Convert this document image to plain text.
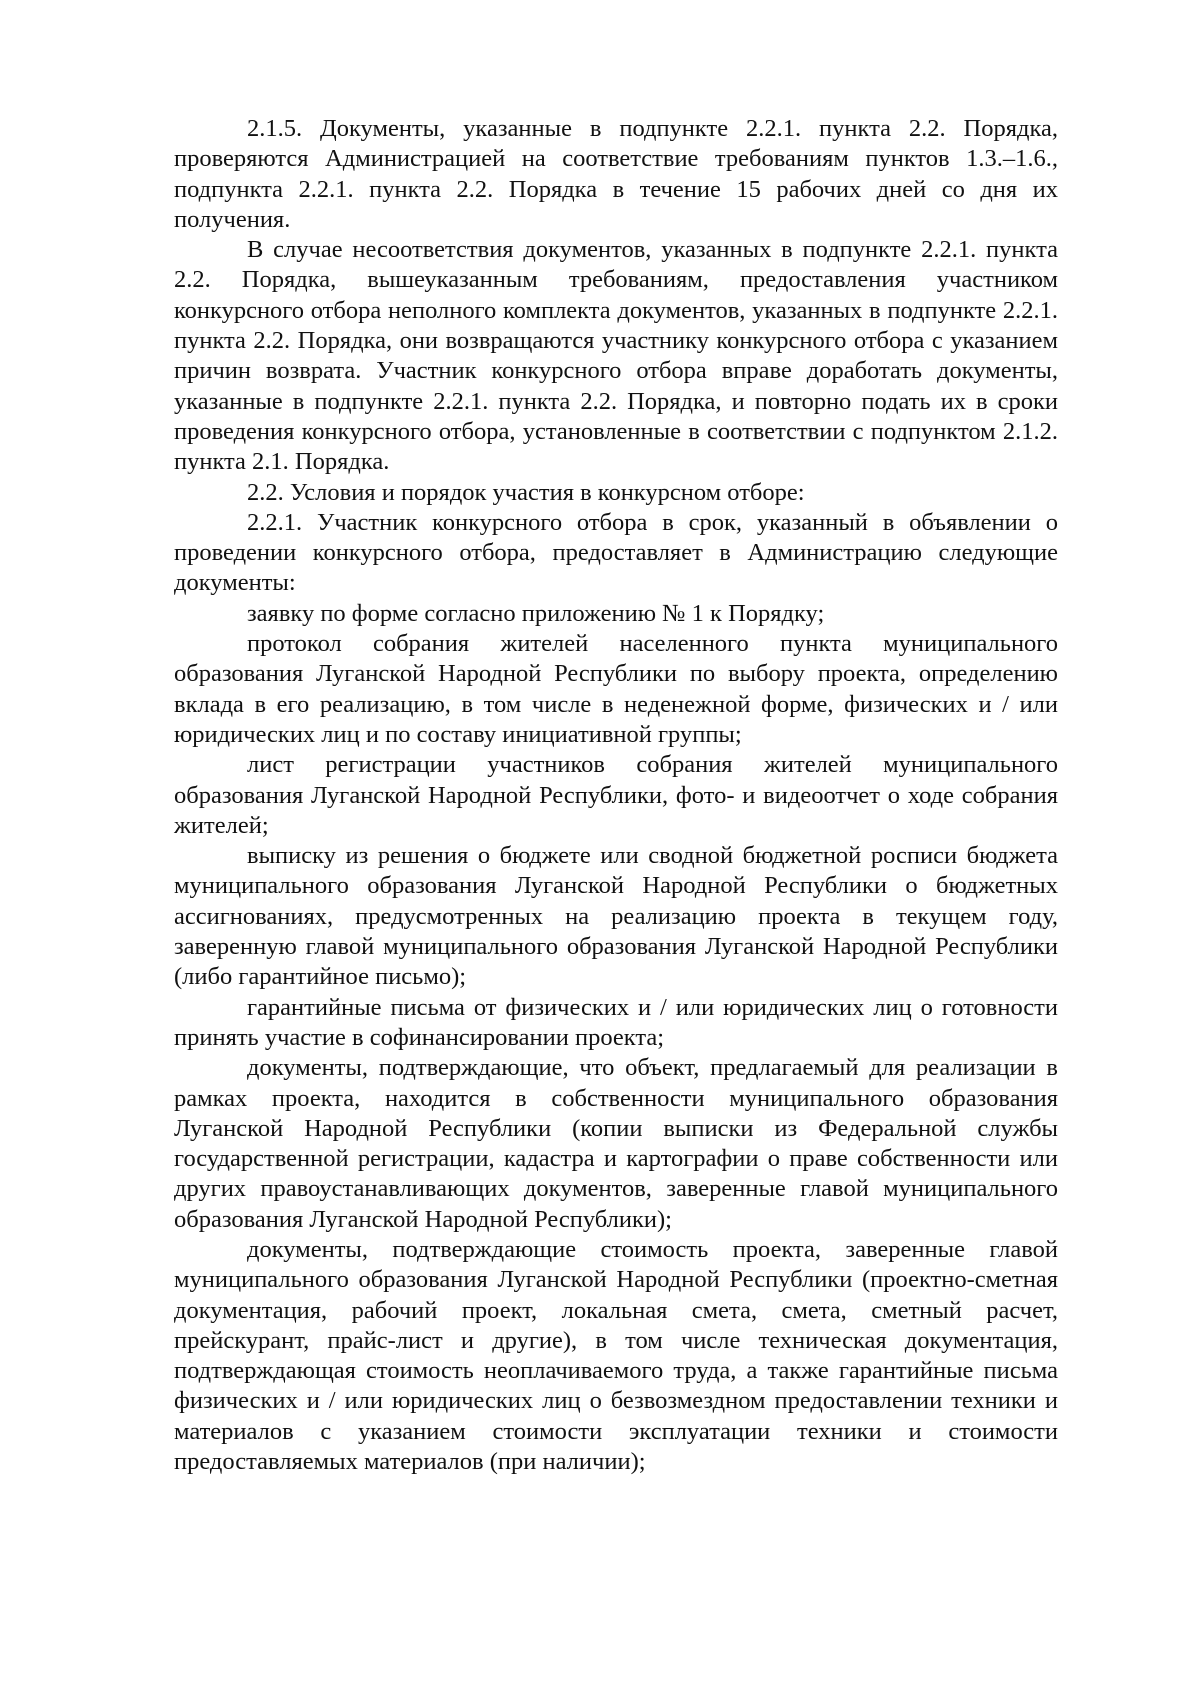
2.1.5. Документы, указанные в подпункте 2.2.1. пункта 2.2. Порядка, проверяются Администрацией на соответствие требованиям пунктов 1.3.–1.6., подпункта 2.2.1. пункта 2.2. Порядка в течение 15 рабочих дней со дня их получения.

В случае несоответствия документов, указанных в подпункте 2.2.1. пункта 2.2. Порядка, вышеуказанным требованиям, предоставления участником конкурсного отбора неполного комплекта документов, указанных в подпункте 2.2.1. пункта 2.2. Порядка, они возвращаются участнику конкурсного отбора с указанием причин возврата. Участник конкурсного отбора вправе доработать документы, указанные в подпункте 2.2.1. пункта 2.2. Порядка, и повторно подать их в сроки проведения конкурсного отбора, установленные в соответствии с подпунктом 2.1.2. пункта 2.1. Порядка.

2.2. Условия и порядок участия в конкурсном отборе:

2.2.1. Участник конкурсного отбора в срок, указанный в объявлении о проведении конкурсного отбора, предоставляет в Администрацию следующие документы:

заявку по форме согласно приложению № 1 к Порядку;

протокол собрания жителей населенного пункта муниципального образования Луганской Народной Республики по выбору проекта, определению вклада в его реализацию, в том числе в неденежной форме, физических и / или юридических лиц и по составу инициативной группы;

лист регистрации участников собрания жителей муниципального образования Луганской Народной Республики, фото- и видеоотчет о ходе собрания жителей;

выписку из решения о бюджете или сводной бюджетной росписи бюджета муниципального образования Луганской Народной Республики о бюджетных ассигнованиях, предусмотренных на реализацию проекта в текущем году, заверенную главой муниципального образования Луганской Народной Республики (либо гарантийное письмо);

гарантийные письма от физических и / или юридических лиц о готовности принять участие в софинансировании проекта;

документы, подтверждающие, что объект, предлагаемый для реализации в рамках проекта, находится в собственности муниципального образования Луганской Народной Республики (копии выписки из Федеральной службы государственной регистрации, кадастра и картографии о праве собственности или других правоустанавливающих документов, заверенные главой муниципального образования Луганской Народной Республики);

документы, подтверждающие стоимость проекта, заверенные главой муниципального образования Луганской Народной Республики (проектно-сметная документация, рабочий проект, локальная смета, смета, сметный расчет, прейскурант, прайс-лист и другие), в том числе техническая документация, подтверждающая стоимость неоплачиваемого труда, а также гарантийные письма физических и / или юридических лиц о безвозмездном предоставлении техники и материалов с указанием стоимости эксплуатации техники и стоимости предоставляемых материалов (при наличии);
